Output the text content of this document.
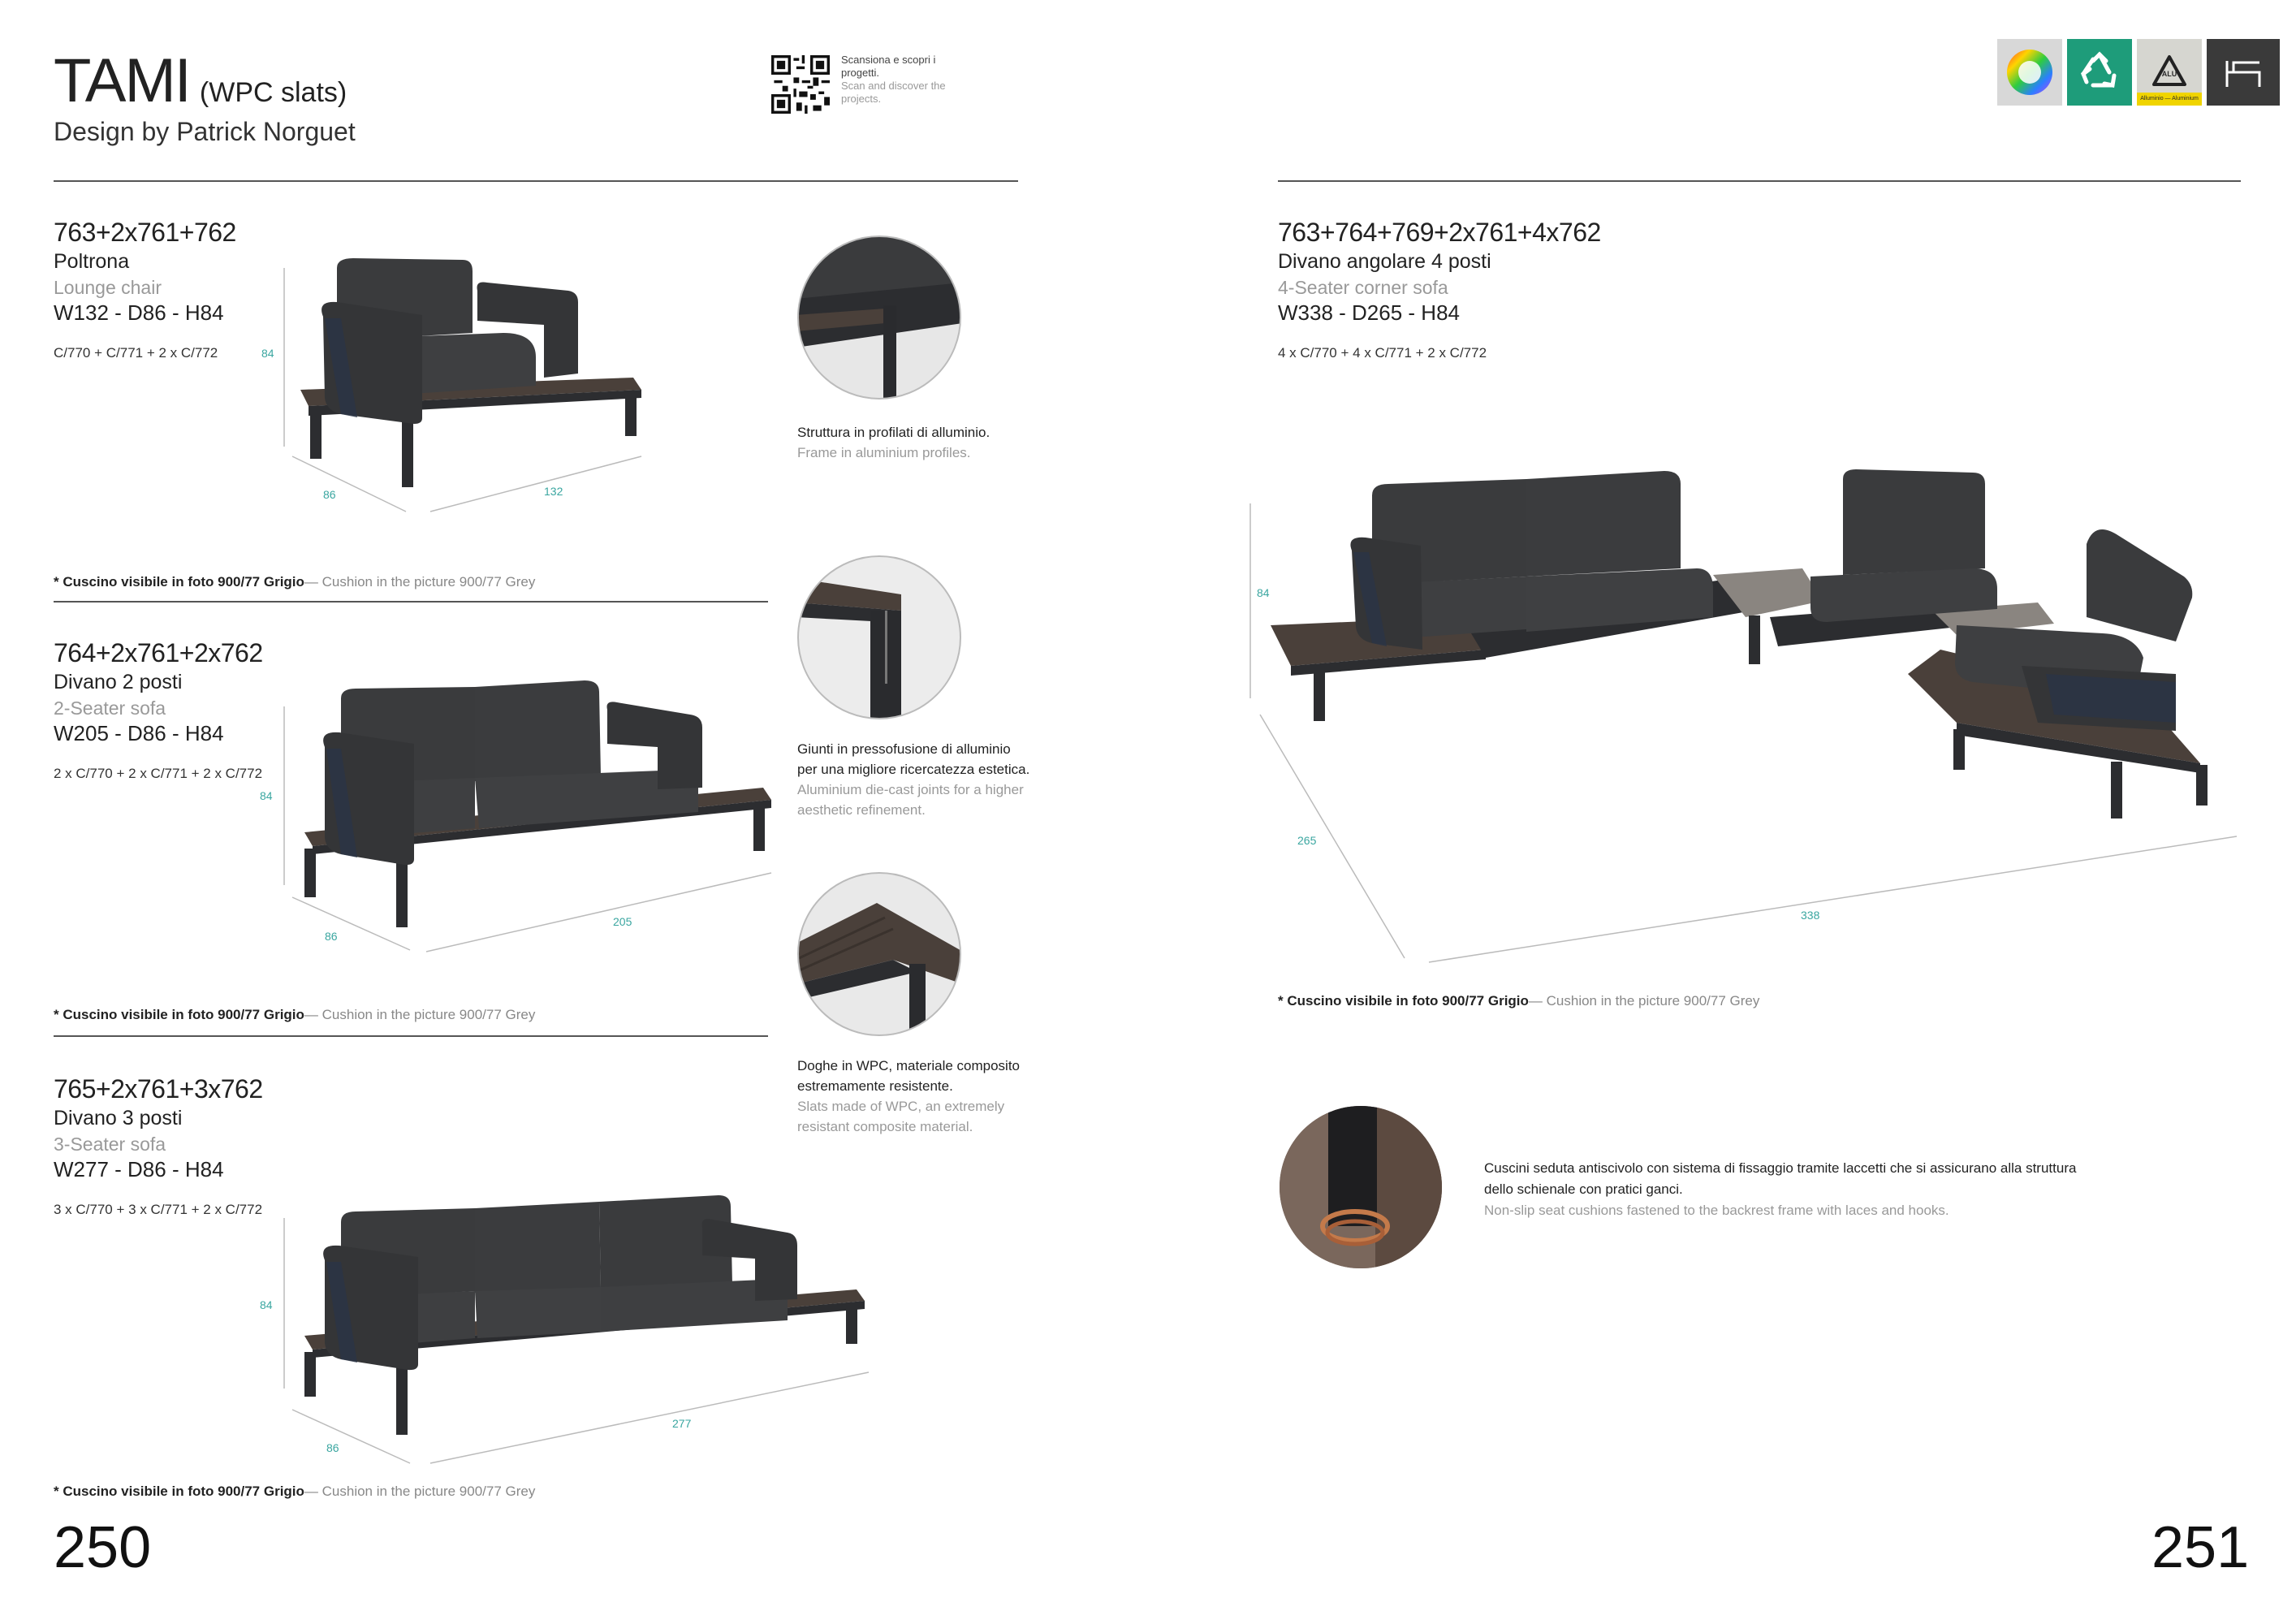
TAMI (WPC slats)
Design by Patrick Norguet
Scansiona e scopri i progetti.
Scan and discover the projects.
ALU
Alluminio — Aluminium
763+2x761+762
Poltrona
Lounge chair
W132 - D86 - H84
C/770 + C/771 + 2 x C/772	84
86	132
* Cuscino visibile in foto 900/77 Grigio— Cushion in the picture 900/77 Grey
764+2x761+2x762
Divano 2 posti
2-Seater sofa
W205 - D86 - H84
2 x C/770 + 2 x C/771 + 2 x C/772
84
86
205
* Cuscino visibile in foto 900/77 Grigio— Cushion in the picture 900/77 Grey
765+2x761+3x762
Divano 3 posti
3-Seater sofa
W277 - D86 - H84
3 x C/770 + 3 x C/771 + 2 x C/772
84
86
277
* Cuscino visibile in foto 900/77 Grigio— Cushion in the picture 900/77 Grey
Struttura in profilati di alluminio.
Frame in aluminium profiles.
Giunti in pressofusione di alluminio per una migliore ricercatezza estetica.
Aluminium die-cast joints for a higher aesthetic refinement.
Doghe in WPC, materiale composito estremamente resistente.
Slats made of WPC, an extremely resistant composite material.
763+764+769+2x761+4x762
Divano angolare 4 posti
4-Seater corner sofa
W338 - D265 - H84
4 x C/770 + 4 x C/771 + 2 x C/772
84
265
338
* Cuscino visibile in foto 900/77 Grigio— Cushion in the picture 900/77 Grey
Cuscini seduta antiscivolo con sistema di fissaggio tramite laccetti che si assicurano alla struttura dello schienale con pratici ganci.
Non-slip seat cushions fastened to the backrest frame with laces and hooks.
250	251
